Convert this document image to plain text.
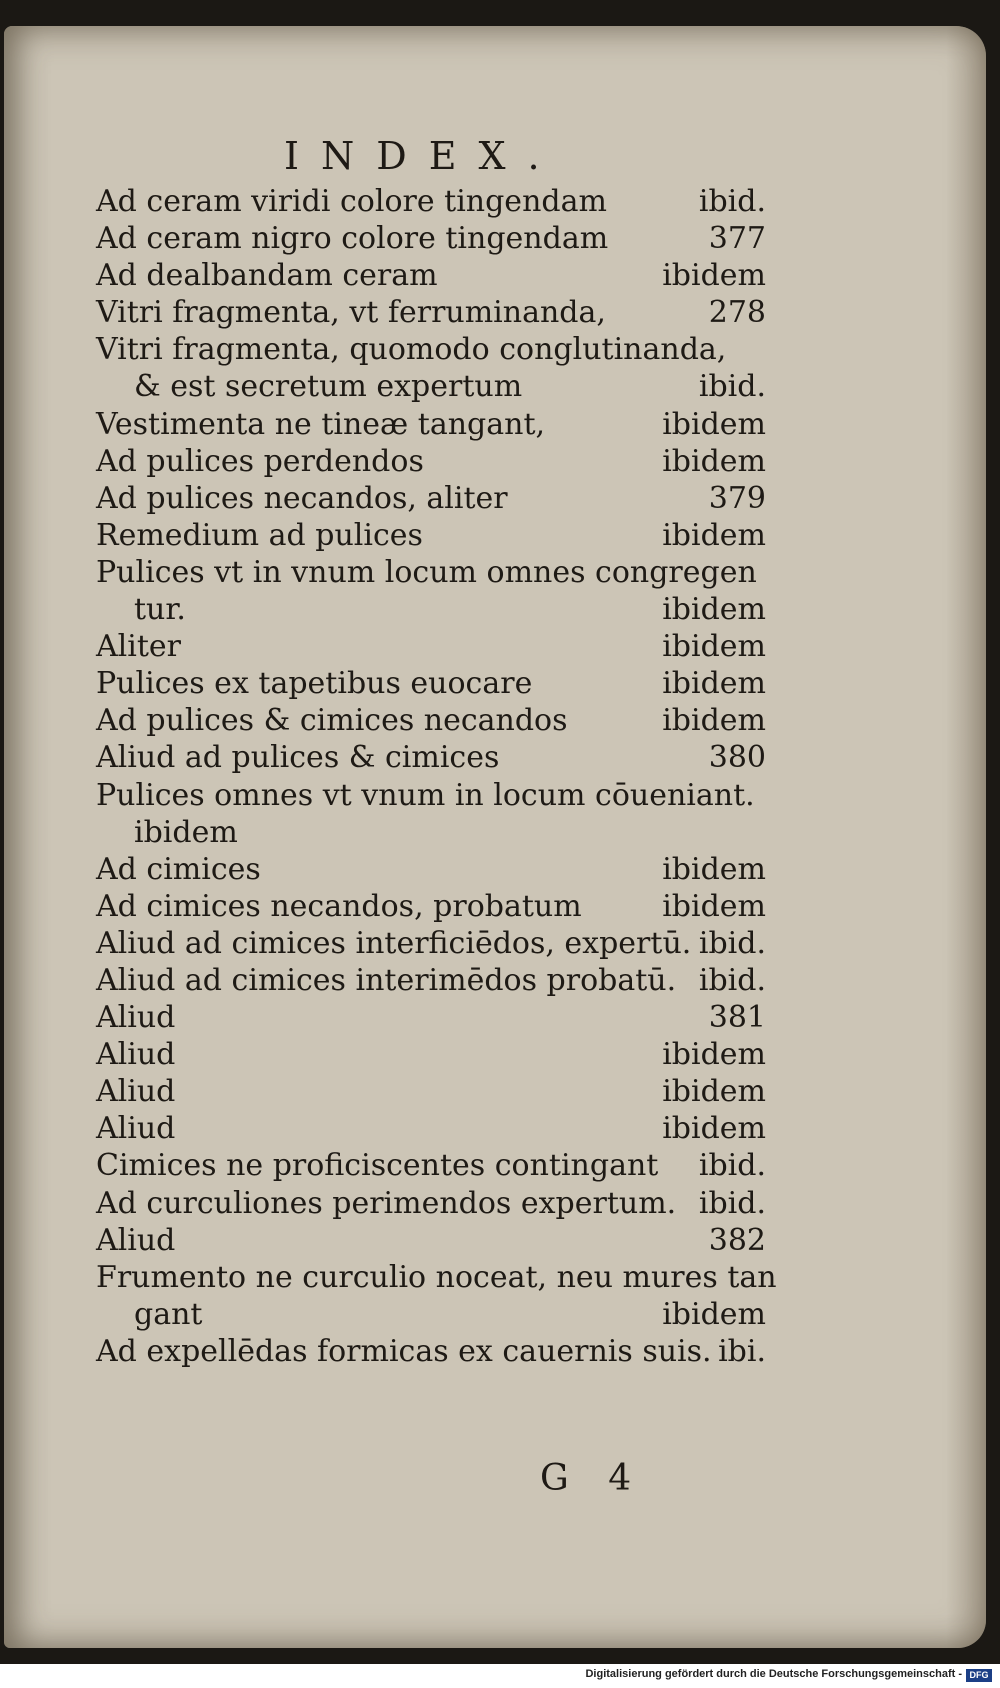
INDEX.
Ad ceram viridi colore tingendam	ibid.
Ad ceram nigro colore tingendam	377
Ad dealbandam ceram	ibidem
Vitri fragmenta, vt ferruminanda,	278
Vitri fragmenta, quomodo conglutinanda,
& est secretum expertum	ibid.
Vestimenta ne tineæ tangant,	ibidem
Ad pulices perdendos	ibidem
Ad pulices necandos, aliter	379
Remedium ad pulices	ibidem
Pulices vt in vnum locum omnes congregen
tur.	ibidem
Aliter	ibidem
Pulices ex tapetibus euocare	ibidem
Ad pulices & cimices necandos	ibidem
Aliud ad pulices & cimices	380
Pulices omnes vt vnum in locum cōueniant.
ibidem
Ad cimices	ibidem
Ad cimices necandos, probatum	ibidem
Aliud ad cimices interficiēdos, expertū. ibid.
Aliud ad cimices interimēdos probatū. ibid.
Aliud	381
Aliud	ibidem
Aliud	ibidem
Aliud	ibidem
Cimices ne proficiscentes contingant ibid.
Ad curculiones perimendos expertum. ibid.
Aliud	382
Frumento ne curculio noceat, neu mures tan
gant	ibidem
Ad expellēdas formicas ex cauernis suis. ibi.
G 4
Digitalisierung gefördert durch die Deutsche Forschungsgemeinschaft - DFG
